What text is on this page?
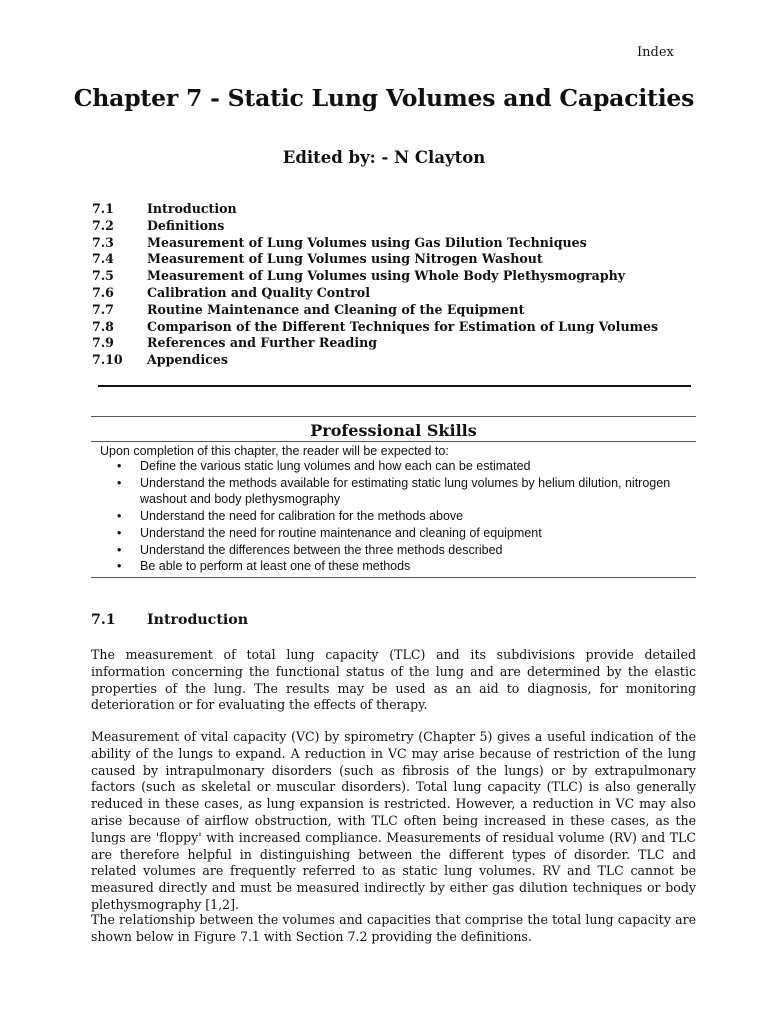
Index
Chapter 7 - Static Lung Volumes and Capacities
Edited by: - N Clayton
7.1	Introduction
7.2	Definitions
7.3	Measurement of Lung Volumes using Gas Dilution Techniques
7.4	Measurement of Lung Volumes using Nitrogen Washout
7.5	Measurement of Lung Volumes using Whole Body Plethysmography
7.6	Calibration and Quality Control
7.7	Routine Maintenance and Cleaning of the Equipment
7.8	Comparison of the Different Techniques for Estimation of Lung Volumes
7.9	References and Further Reading
7.10 Appendices
Professional Skills
Upon completion of this chapter, the reader will be expected to:
• Define the various static lung volumes and how each can be estimated
• Understand the methods available for estimating static lung volumes by helium dilution, nitrogen washout and body plethysmography
• Understand the need for calibration for the methods above
• Understand the need for routine maintenance and cleaning of equipment
• Understand the differences between the three methods described
• Be able to perform at least one of these methods
7.1 Introduction

The measurement of total lung capacity (TLC) and its subdivisions provide detailed information concerning the functional status of the lung and are determined by the elastic properties of the lung. The results may be used as an aid to diagnosis, for monitoring deterioration or for evaluating the effects of therapy.

Measurement of vital capacity (VC) by spirometry (Chapter 5) gives a useful indication of the ability of the lungs to expand. A reduction in VC may arise because of restriction of the lung caused by intrapulmonary disorders (such as fibrosis of the lungs) or by extrapulmonary factors (such as skeletal or muscular disorders). Total lung capacity (TLC) is also generally reduced in these cases, as lung expansion is restricted. However, a reduction in VC may also arise because of airflow obstruction, with TLC often being increased in these cases, as the lungs are 'floppy' with increased compliance. Measurements of residual volume (RV) and TLC are therefore helpful in distinguishing between the different types of disorder. TLC and related volumes are frequently referred to as static lung volumes. RV and TLC cannot be measured directly and must be measured indirectly by either gas dilution techniques or body plethysmography [1,2].

The relationship between the volumes and capacities that comprise the total lung capacity are shown below in Figure 7.1 with Section 7.2 providing the definitions.
